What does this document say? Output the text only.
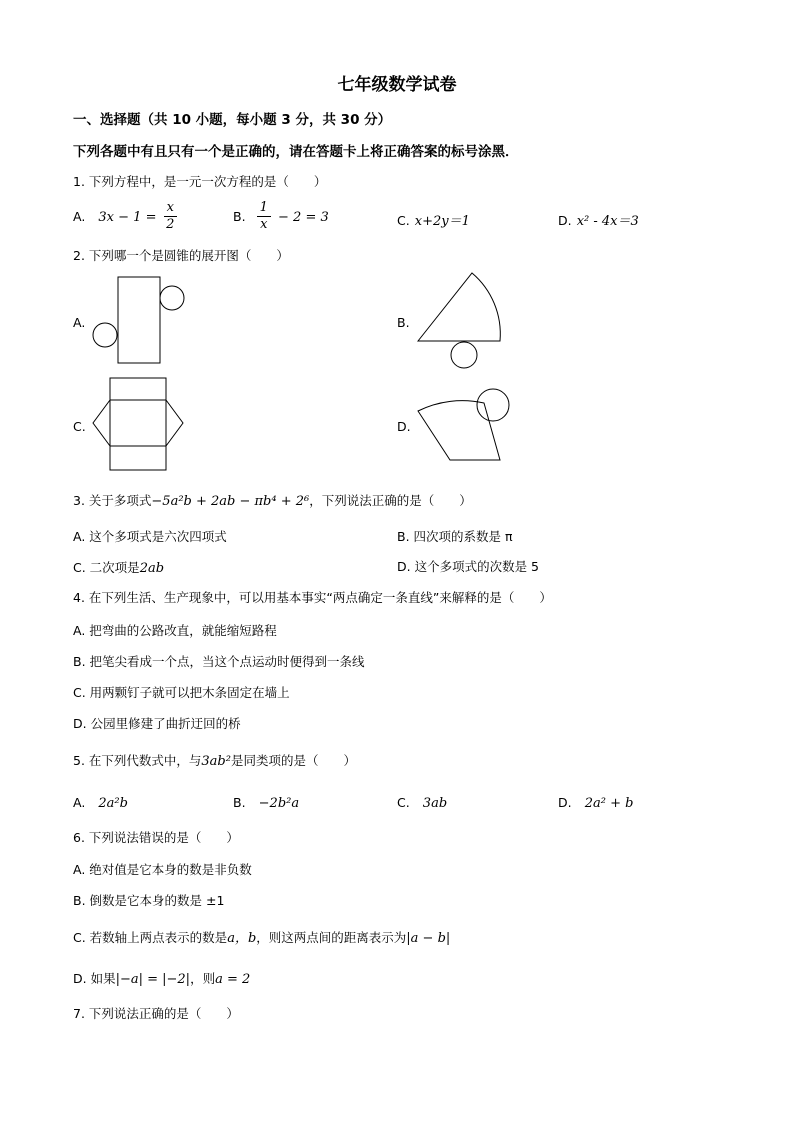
七年级数学试卷
一、选择题（共 10 小题，每小题 3 分，共 30 分）
下列各题中有且只有一个是正确的，请在答题卡上将正确答案的标号涂黑．
1. 下列方程中，是一元一次方程的是（　　）
A. $3x - 1 = \frac{x}{2}$	B. $\frac{1}{x} - 2 = 3$	C. x+2y＝1	D. x² - 4x＝3
2. 下列哪一个是圆锥的展开图（　　）
A.	B.
C.	D.
3. 关于多项式−5a²b + 2ab − πb⁴ + 2⁶，下列说法正确的是（　　）
A. 这个多项式是六次四项式	B. 四次项的系数是 π
C. 二次项是2ab	D. 这个多项式的次数是 5
4. 在下列生活、生产现象中，可以用基本事实“两点确定一条直线”来解释的是（　　）
A. 把弯曲的公路改直，就能缩短路程
B. 把笔尖看成一个点，当这个点运动时便得到一条线
C. 用两颗钉子就可以把木条固定在墙上
D. 公园里修建了曲折迂回的桥
5. 在下列代数式中，与3ab²是同类项的是（　　）
A. 2a²b	B. −2b²a	C. 3ab	D. 2a² + b
6. 下列说法错误的是（　　）
A. 绝对值是它本身的数是非负数
B. 倒数是它本身的数是 ±1
C. 若数轴上两点表示的数是a，b，则这两点间的距离表示为|a − b|
D. 如果|−a| = |−2|，则a = 2
7. 下列说法正确的是（　　）
